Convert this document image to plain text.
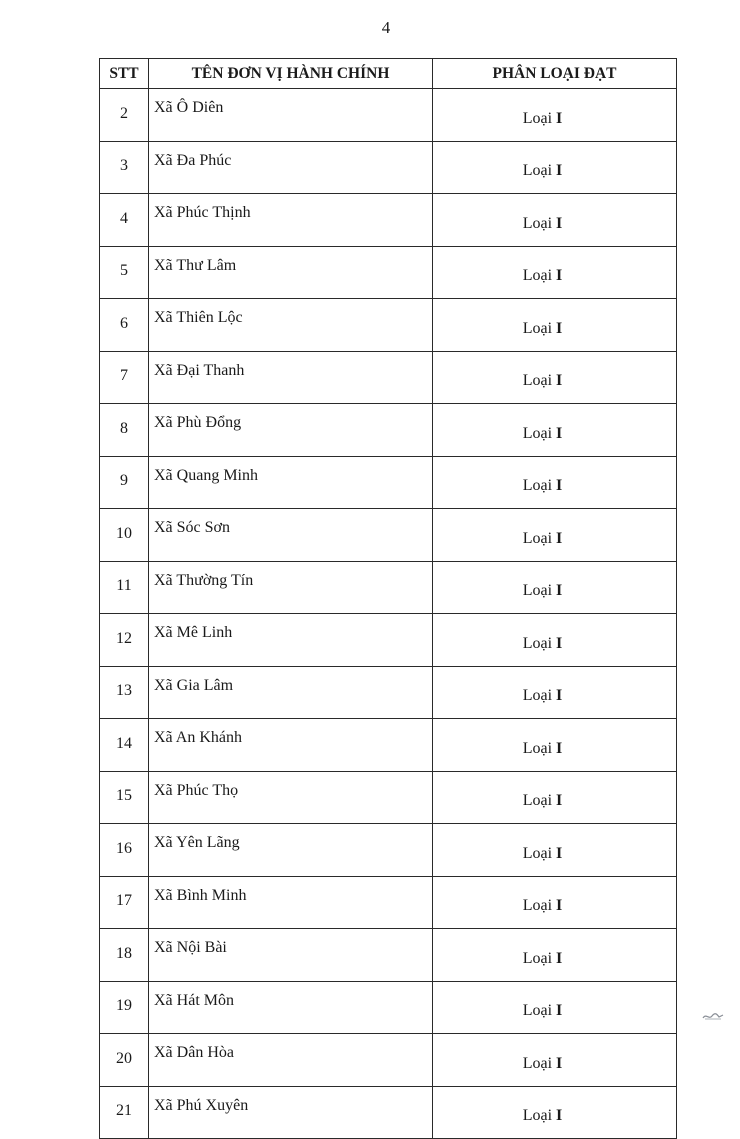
4
STT	TÊN ĐƠN VỊ HÀNH CHÍNH	PHÂN LOẠI ĐẠT
2	Xã Ô Diên	Loại I
3	Xã Đa Phúc	Loại I
4	Xã Phúc Thịnh	Loại I
5	Xã Thư Lâm	Loại I
6	Xã Thiên Lộc	Loại I
7	Xã Đại Thanh	Loại I
8	Xã Phù Đổng	Loại I
9	Xã Quang Minh	Loại I
10	Xã Sóc Sơn	Loại I
11	Xã Thường Tín	Loại I
12	Xã Mê Linh	Loại I
13	Xã Gia Lâm	Loại I
14	Xã An Khánh	Loại I
15	Xã Phúc Thọ	Loại I
16	Xã Yên Lãng	Loại I
17	Xã Bình Minh	Loại I
18	Xã Nội Bài	Loại I
19	Xã Hát Môn	Loại I
20	Xã Dân Hòa	Loại I
21	Xã Phú Xuyên	Loại I
